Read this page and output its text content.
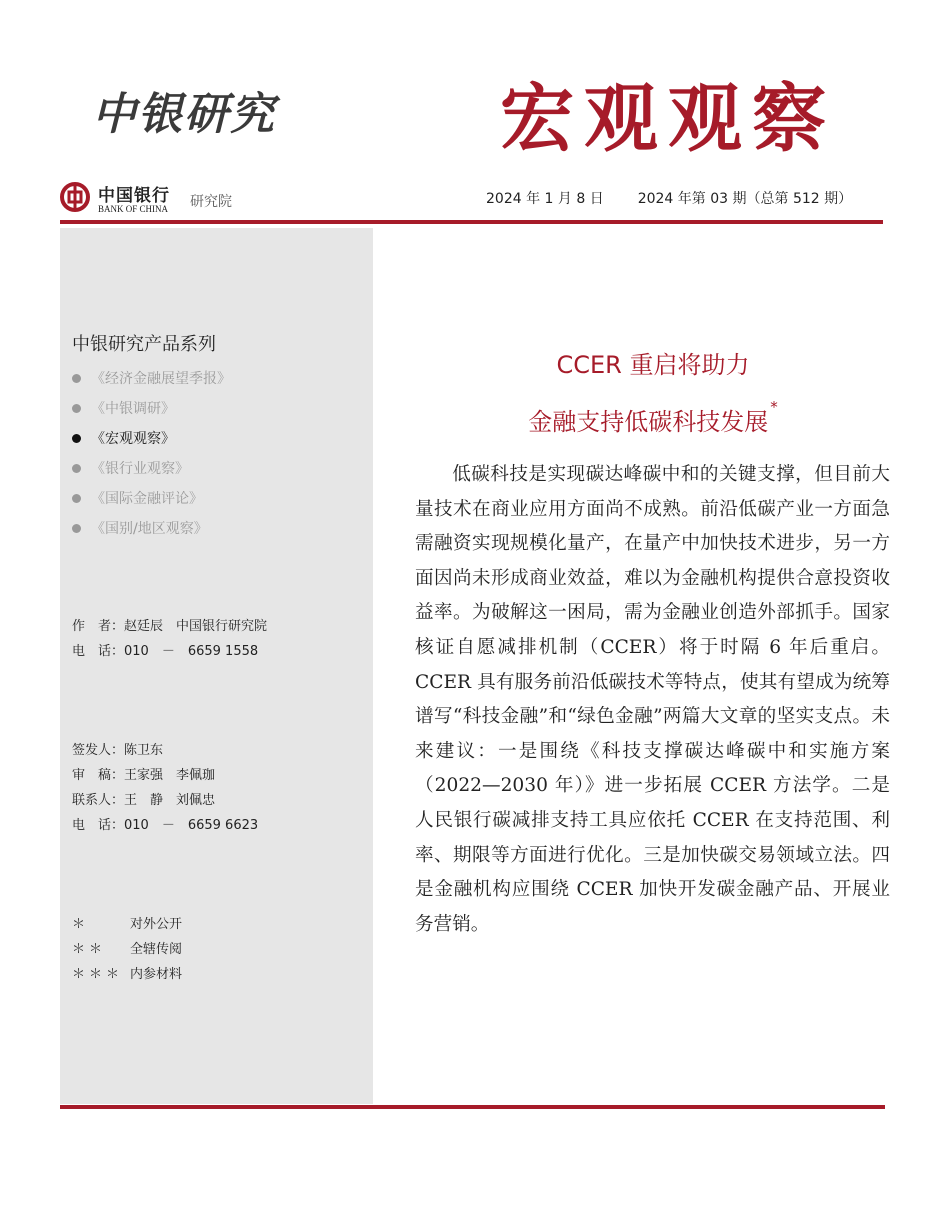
中银研究	宏观观察
中国银行
BANK OF CHINA 研究院	2024 年 1 月 8 日 2024 年第 03 期（总第 512 期）
中银研究产品系列
《经济金融展望季报》
《中银调研》
《宏观观察》
《银行业观察》
《国际金融评论》
《国别/地区观察》
作　者：赵廷辰　中国银行研究院
电　话：010　－　6659 1558
签发人：陈卫东
审　稿：王家强　李佩珈
联系人：王　静　刘佩忠
电　话：010　－　6659 6623
＊	对外公开
＊＊ 全辖传阅
＊＊＊ 内参材料
CCER 重启将助力
金融支持低碳科技发展*

低碳科技是实现碳达峰碳中和的关键支撑，但目前大量技术在商业应用方面尚不成熟。前沿低碳产业一方面急需融资实现规模化量产，在量产中加快技术进步，另一方面因尚未形成商业效益，难以为金融机构提供合意投资收益率。为破解这一困局，需为金融业创造外部抓手。国家核证自愿减排机制（CCER）将于时隔 6 年后重启。CCER 具有服务前沿低碳技术等特点，使其有望成为统筹谱写“科技金融”和“绿色金融”两篇大文章的坚实支点。未来建议：一是围绕《科技支撑碳达峰碳中和实施方案（2022—2030 年）》进一步拓展 CCER 方法学。二是人民银行碳减排支持工具应依托 CCER 在支持范围、利率、期限等方面进行优化。三是加快碳交易领域立法。四是金融机构应围绕 CCER 加快开发碳金融产品、开展业务营销。
